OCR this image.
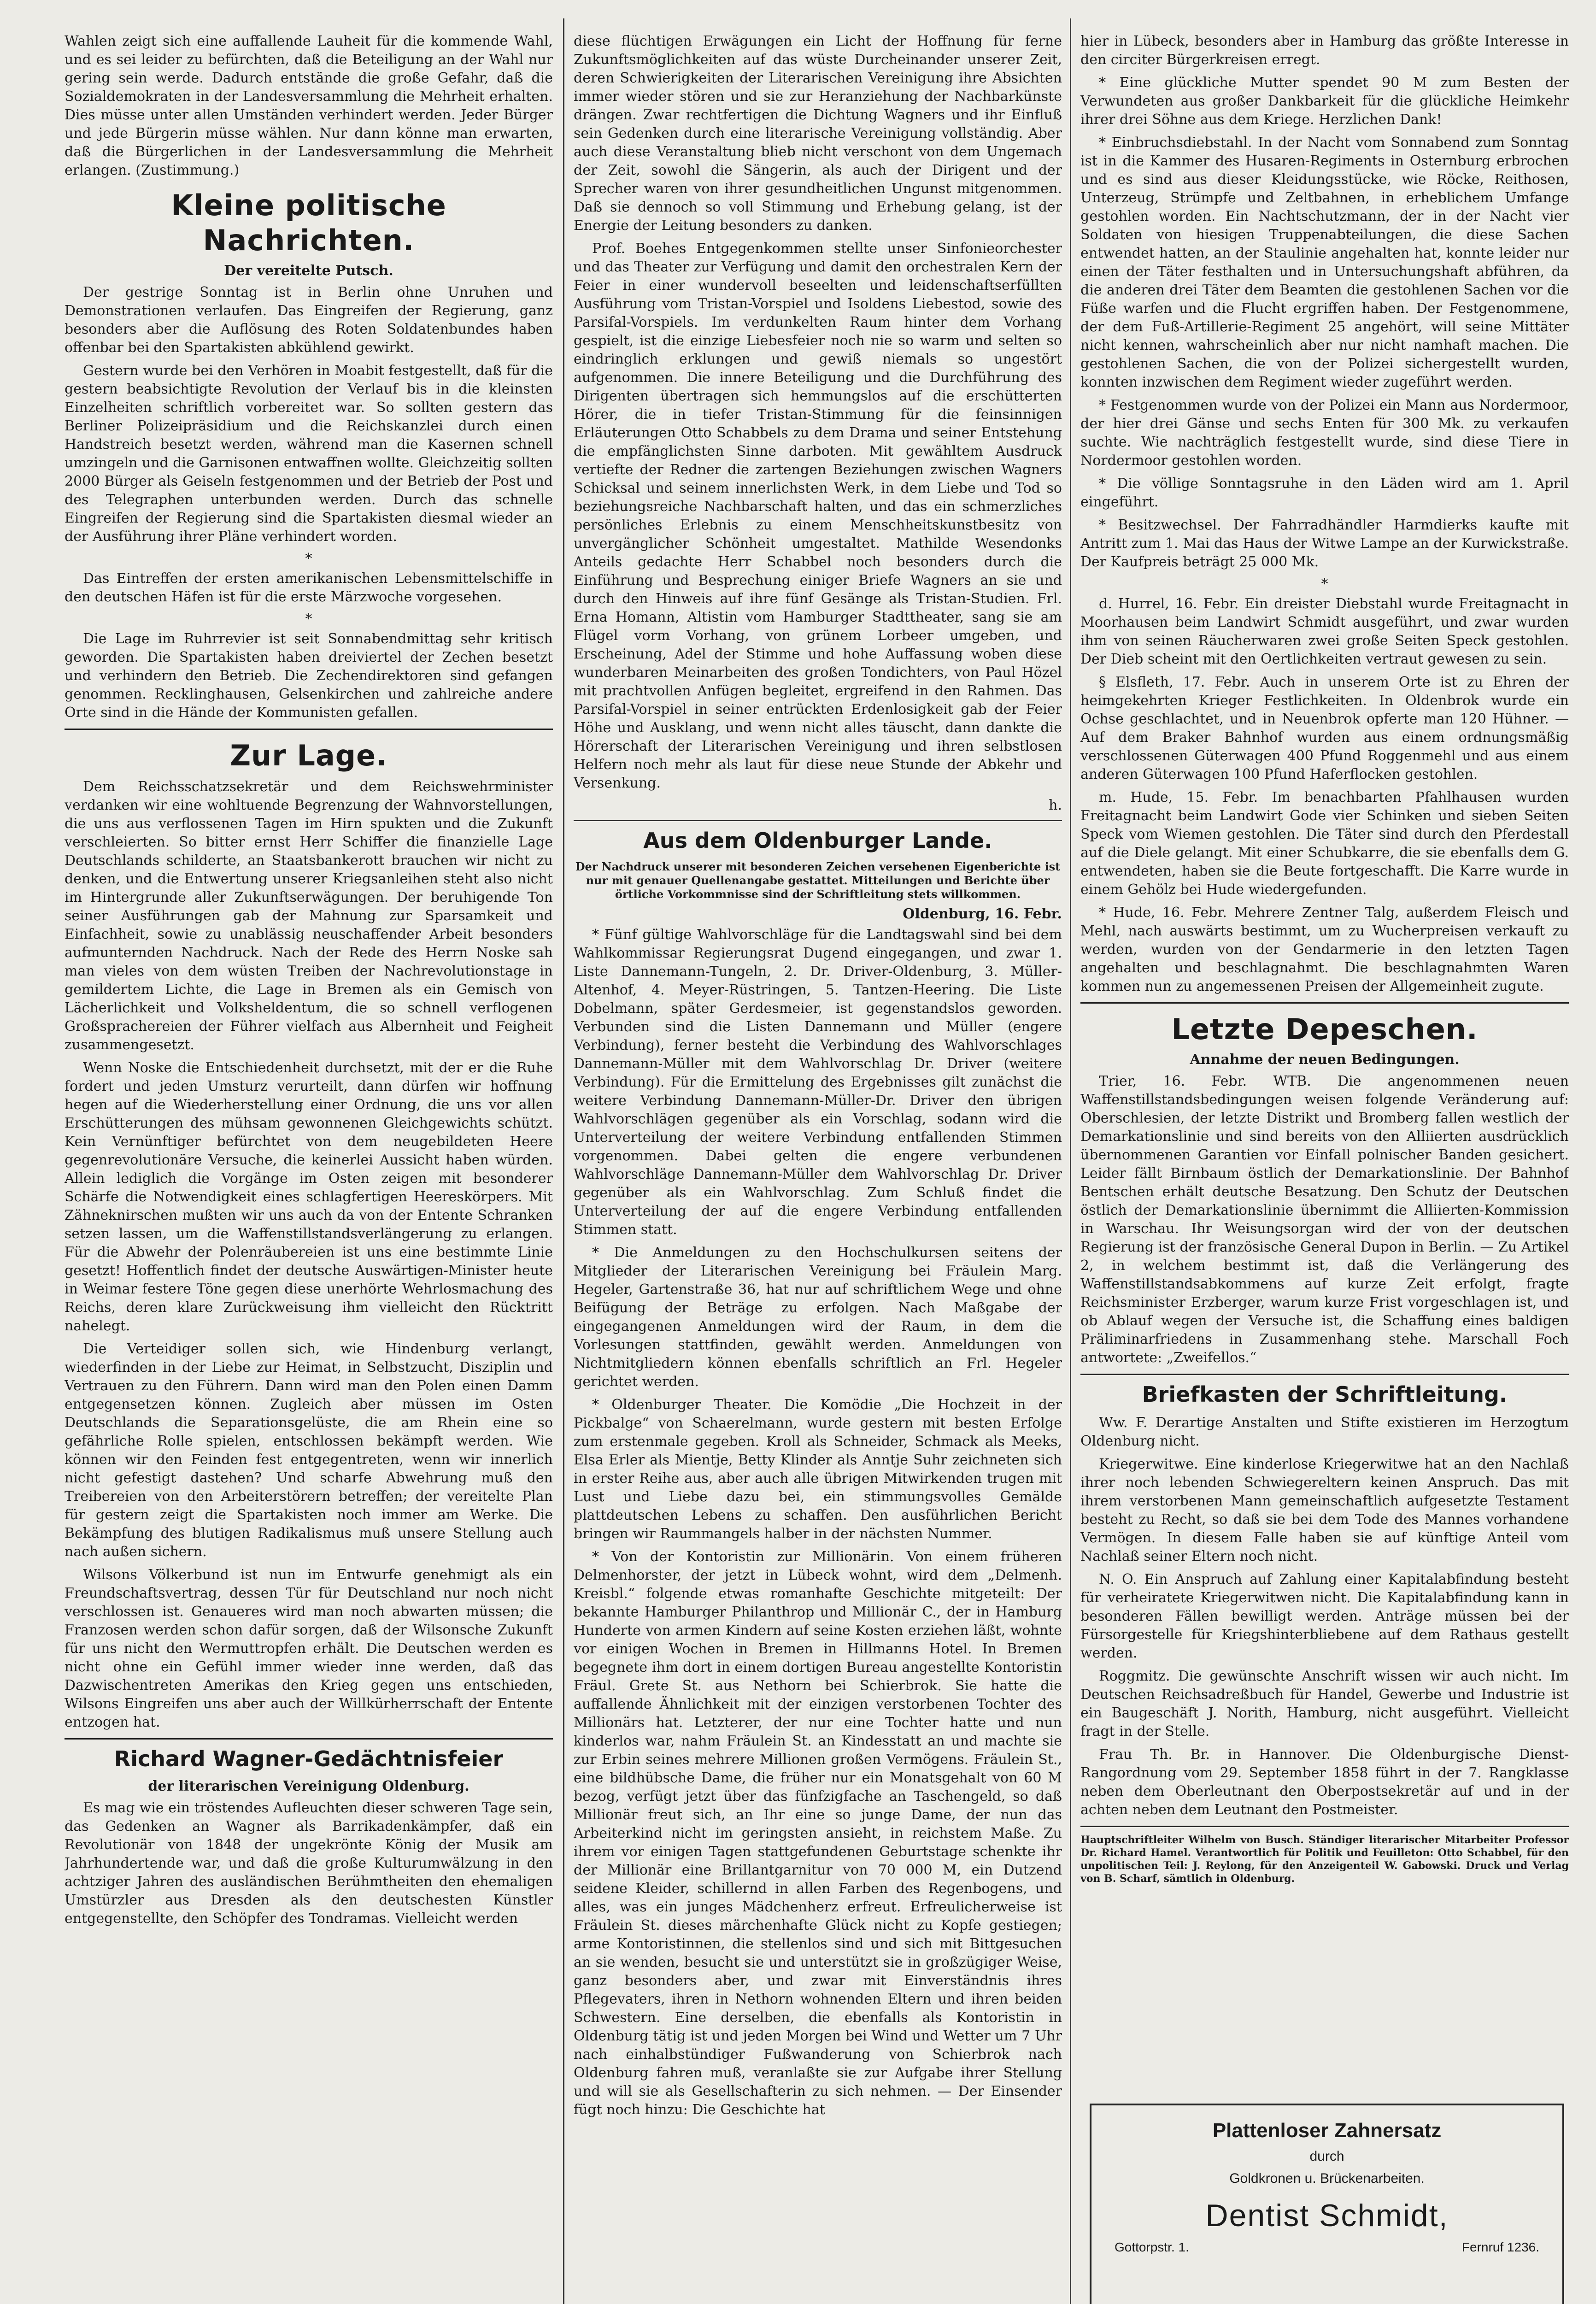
Wahlen zeigt sich eine auffallende Lauheit für die kommende Wahl, und es sei leider zu befürchten, daß die Beteiligung an der Wahl nur gering sein werde. Dadurch entstände die große Gefahr, daß die Sozialdemokraten in der Landesversammlung die Mehrheit erhalten. Dies müsse unter allen Umständen verhindert werden. Jeder Bürger und jede Bürgerin müsse wählen. Nur dann könne man erwarten, daß die Bürgerlichen in der Landesversammlung die Mehrheit erlangen. (Zustimmung.)

Kleine politische Nachrichten.
Der vereitelte Putsch.

Der gestrige Sonntag ist in Berlin ohne Unruhen und Demonstrationen verlaufen. Das Eingreifen der Regierung, ganz besonders aber die Auflösung des Roten Soldatenbundes haben offenbar bei den Spartakisten abkühlend gewirkt.

Gestern wurde bei den Verhören in Moabit festgestellt, daß für die gestern beabsichtigte Revolution der Verlauf bis in die kleinsten Einzelheiten schriftlich vorbereitet war. So sollten gestern das Berliner Polizeipräsidium und die Reichskanzlei durch einen Handstreich besetzt werden, während man die Kasernen schnell umzingeln und die Garnisonen entwaffnen wollte. Gleichzeitig sollten 2000 Bürger als Geiseln festgenommen und der Betrieb der Post und des Telegraphen unterbunden werden. Durch das schnelle Eingreifen der Regierung sind die Spartakisten diesmal wieder an der Ausführung ihrer Pläne verhindert worden.

*

Das Eintreffen der ersten amerikanischen Lebensmittelschiffe in den deutschen Häfen ist für die erste Märzwoche vorgesehen.

*

Die Lage im Ruhrrevier ist seit Sonnabendmittag sehr kritisch geworden. Die Spartakisten haben dreiviertel der Zechen besetzt und verhindern den Betrieb. Die Zechendirektoren sind gefangen genommen. Recklinghausen, Gelsenkirchen und zahlreiche andere Orte sind in die Hände der Kommunisten gefallen.

Zur Lage.

Dem Reichsschatzsekretär und dem Reichswehrminister verdanken wir eine wohltuende Begrenzung der Wahnvorstellungen, die uns aus verflossenen Tagen im Hirn spukten und die Zukunft verschleierten. So bitter ernst Herr Schiffer die finanzielle Lage Deutschlands schilderte, an Staatsbankerott brauchen wir nicht zu denken, und die Entwertung unserer Kriegsanleihen steht also nicht im Hintergrunde aller Zukunftserwägungen. Der beruhigende Ton seiner Ausführungen gab der Mahnung zur Sparsamkeit und Einfachheit, sowie zu unablässig neuschaffender Arbeit besonders aufmunternden Nachdruck. Nach der Rede des Herrn Noske sah man vieles von dem wüsten Treiben der Nachrevolutionstage in gemildertem Lichte, die Lage in Bremen als ein Gemisch von Lächerlichkeit und Volksheldentum, die so schnell verflogenen Großsprachereien der Führer vielfach aus Albernheit und Feigheit zusammengesetzt.

Wenn Noske die Entschiedenheit durchsetzt, mit der er die Ruhe fordert und jeden Umsturz verurteilt, dann dürfen wir hoffnung hegen auf die Wiederherstellung einer Ordnung, die uns vor allen Erschütterungen des mühsam gewonnenen Gleichgewichts schützt. Kein Vernünftiger befürchtet von dem neugebildeten Heere gegenrevolutionäre Versuche, die keinerlei Aussicht haben würden. Allein lediglich die Vorgänge im Osten zeigen mit besonderer Schärfe die Notwendigkeit eines schlagfertigen Heereskörpers. Mit Zähneknirschen mußten wir uns auch da von der Entente Schranken setzen lassen, um die Waffenstillstandsverlängerung zu erlangen. Für die Abwehr der Polenräubereien ist uns eine bestimmte Linie gesetzt! Hoffentlich findet der deutsche Auswärtigen-Minister heute in Weimar festere Töne gegen diese unerhörte Wehrlosmachung des Reichs, deren klare Zurückweisung ihm vielleicht den Rücktritt nahelegt.

Die Verteidiger sollen sich, wie Hindenburg verlangt, wiederfinden in der Liebe zur Heimat, in Selbstzucht, Disziplin und Vertrauen zu den Führern. Dann wird man den Polen einen Damm entgegensetzen können. Zugleich aber müssen im Osten Deutschlands die Separationsgelüste, die am Rhein eine so gefährliche Rolle spielen, entschlossen bekämpft werden. Wie können wir den Feinden fest entgegentreten, wenn wir innerlich nicht gefestigt dastehen? Und scharfe Abwehrung muß den Treibereien von den Arbeiterstörern betreffen; der vereitelte Plan für gestern zeigt die Spartakisten noch immer am Werke. Die Bekämpfung des blutigen Radikalismus muß unsere Stellung auch nach außen sichern.

Wilsons Völkerbund ist nun im Entwurfe genehmigt als ein Freundschaftsvertrag, dessen Tür für Deutschland nur noch nicht verschlossen ist. Genaueres wird man noch abwarten müssen; die Franzosen werden schon dafür sorgen, daß der Wilsonsche Zukunft für uns nicht den Wermuttropfen erhält. Die Deutschen werden es nicht ohne ein Gefühl immer wieder inne werden, daß das Dazwischentreten Amerikas den Krieg gegen uns entschieden, Wilsons Eingreifen uns aber auch der Willkürherrschaft der Entente entzogen hat.

Richard Wagner-Gedächtnisfeier
der literarischen Vereinigung Oldenburg.

Es mag wie ein tröstendes Aufleuchten dieser schweren Tage sein, das Gedenken an Wagner als Barrikadenkämpfer, daß ein Revolutionär von 1848 der ungekrönte König der Musik am Jahrhundertende war, und daß die große Kulturumwälzung in den achtziger Jahren des ausländischen Berühmtheiten den ehemaligen Umstürzler aus Dresden als den deutschesten Künstler entgegenstellte, den Schöpfer des Tondramas. Vielleicht werden

diese flüchtigen Erwägungen ein Licht der Hoffnung für ferne Zukunftsmöglichkeiten auf das wüste Durcheinander unserer Zeit, deren Schwierigkeiten der Literarischen Vereinigung ihre Absichten immer wieder stören und sie zur Heranziehung der Nachbarkünste drängen. Zwar rechtfertigen die Dichtung Wagners und ihr Einfluß sein Gedenken durch eine literarische Vereinigung vollständig. Aber auch diese Veranstaltung blieb nicht verschont von dem Ungemach der Zeit, sowohl die Sängerin, als auch der Dirigent und der Sprecher waren von ihrer gesundheitlichen Ungunst mitgenommen. Daß sie dennoch so voll Stimmung und Erhebung gelang, ist der Energie der Leitung besonders zu danken.

Prof. Boehes Entgegenkommen stellte unser Sinfonieorchester und das Theater zur Verfügung und damit den orchestralen Kern der Feier in einer wundervoll beseelten und leidenschaftserfüllten Ausführung vom Tristan-Vorspiel und Isoldens Liebestod, sowie des Parsifal-Vorspiels. Im verdunkelten Raum hinter dem Vorhang gespielt, ist die einzige Liebesfeier noch nie so warm und selten so eindringlich erklungen und gewiß niemals so ungestört aufgenommen. Die innere Beteiligung und die Durchführung des Dirigenten übertragen sich hemmungslos auf die erschütterten Hörer, die in tiefer Tristan-Stimmung für die feinsinnigen Erläuterungen Otto Schabbels zu dem Drama und seiner Entstehung die empfänglichsten Sinne darboten. Mit gewähltem Ausdruck vertiefte der Redner die zartengen Beziehungen zwischen Wagners Schicksal und seinem innerlichsten Werk, in dem Liebe und Tod so beziehungsreiche Nachbarschaft halten, und das ein schmerzliches persönliches Erlebnis zu einem Menschheitskunstbesitz von unvergänglicher Schönheit umgestaltet. Mathilde Wesendonks Anteils gedachte Herr Schabbel noch besonders durch die Einführung und Besprechung einiger Briefe Wagners an sie und durch den Hinweis auf ihre fünf Gesänge als Tristan-Studien. Frl. Erna Homann, Altistin vom Hamburger Stadttheater, sang sie am Flügel vorm Vorhang, von grünem Lorbeer umgeben, und Erscheinung, Adel der Stimme und hohe Auffassung woben diese wunderbaren Meinarbeiten des großen Tondichters, von Paul Hözel mit prachtvollen Anfügen begleitet, ergreifend in den Rahmen. Das Parsifal-Vorspiel in seiner entrückten Erdenlosigkeit gab der Feier Höhe und Ausklang, und wenn nicht alles täuscht, dann dankte die Hörerschaft der Literarischen Vereinigung und ihren selbstlosen Helfern noch mehr als laut für diese neue Stunde der Abkehr und Versenkung.

h.
Aus dem Oldenburger Lande.
Der Nachdruck unserer mit besonderen Zeichen versehenen Eigenberichte ist nur mit genauer Quellenangabe gestattet. Mitteilungen und Berichte über örtliche Vorkommnisse sind der Schriftleitung stets willkommen.
Oldenburg, 16. Febr.

* Fünf gültige Wahlvorschläge für die Landtagswahl sind bei dem Wahlkommissar Regierungsrat Dugend eingegangen, und zwar 1. Liste Dannemann-Tungeln, 2. Dr. Driver-Oldenburg, 3. Müller-Altenhof, 4. Meyer-Rüstringen, 5. Tantzen-Heering. Die Liste Dobelmann, später Gerdesmeier, ist gegenstandslos geworden. Verbunden sind die Listen Dannemann und Müller (engere Verbindung), ferner besteht die Verbindung des Wahlvorschlages Dannemann-Müller mit dem Wahlvorschlag Dr. Driver (weitere Verbindung). Für die Ermittelung des Ergebnisses gilt zunächst die weitere Verbindung Dannemann-Müller-Dr. Driver den übrigen Wahlvorschlägen gegenüber als ein Vorschlag, sodann wird die Unterverteilung der weitere Verbindung entfallenden Stimmen vorgenommen. Dabei gelten die engere verbundenen Wahlvorschläge Dannemann-Müller dem Wahlvorschlag Dr. Driver gegenüber als ein Wahlvorschlag. Zum Schluß findet die Unterverteilung der auf die engere Verbindung entfallenden Stimmen statt.

* Die Anmeldungen zu den Hochschulkursen seitens der Mitglieder der Literarischen Vereinigung bei Fräulein Marg. Hegeler, Gartenstraße 36, hat nur auf schriftlichem Wege und ohne Beifügung der Beträge zu erfolgen. Nach Maßgabe der eingegangenen Anmeldungen wird der Raum, in dem die Vorlesungen stattfinden, gewählt werden. Anmeldungen von Nichtmitgliedern können ebenfalls schriftlich an Frl. Hegeler gerichtet werden.

* Oldenburger Theater. Die Komödie „Die Hochzeit in der Pickbalge“ von Schaerelmann, wurde gestern mit besten Erfolge zum erstenmale gegeben. Kroll als Schneider, Schmack als Meeks, Elsa Erler als Mientje, Betty Klinder als Anntje Suhr zeichneten sich in erster Reihe aus, aber auch alle übrigen Mitwirkenden trugen mit Lust und Liebe dazu bei, ein stimmungsvolles Gemälde plattdeutschen Lebens zu schaffen. Den ausführlichen Bericht bringen wir Raummangels halber in der nächsten Nummer.

* Von der Kontoristin zur Millionärin. Von einem früheren Delmenhorster, der jetzt in Lübeck wohnt, wird dem „Delmenh. Kreisbl.“ folgende etwas romanhafte Geschichte mitgeteilt: Der bekannte Hamburger Philanthrop und Millionär C., der in Hamburg Hunderte von armen Kindern auf seine Kosten erziehen läßt, wohnte vor einigen Wochen in Bremen in Hillmanns Hotel. In Bremen begegnete ihm dort in einem dortigen Bureau angestellte Kontoristin Fräul. Grete St. aus Nethorn bei Schierbrok. Sie hatte die auffallende Ähnlichkeit mit der einzigen verstorbenen Tochter des Millionärs hat. Letzterer, der nur eine Tochter hatte und nun kinderlos war, nahm Fräulein St. an Kindesstatt an und machte sie zur Erbin seines mehrere Millionen großen Vermögens. Fräulein St., eine bildhübsche Dame, die früher nur ein Monatsgehalt von 60 M bezog, verfügt jetzt über das fünfzigfache an Taschengeld, so daß Millionär freut sich, an Ihr eine so junge Dame, der nun das Arbeiterkind nicht im geringsten ansieht, in reichstem Maße. Zu ihrem vor einigen Tagen stattgefundenen Geburtstage schenkte ihr der Millionär eine Brillantgarnitur von 70 000 M, ein Dutzend seidene Kleider, schillernd in allen Farben des Regenbogens, und alles, was ein junges Mädchenherz erfreut. Erfreulicherweise ist Fräulein St. dieses märchenhafte Glück nicht zu Kopfe gestiegen; arme Kontoristinnen, die stellenlos sind und sich mit Bittgesuchen an sie wenden, besucht sie und unterstützt sie in großzügiger Weise, ganz besonders aber, und zwar mit Einverständnis ihres Pflegevaters, ihren in Nethorn wohnenden Eltern und ihren beiden Schwestern. Eine derselben, die ebenfalls als Kontoristin in Oldenburg tätig ist und jeden Morgen bei Wind und Wetter um 7 Uhr nach einhalbstündiger Fußwanderung von Schierbrok nach Oldenburg fahren muß, veranlaßte sie zur Aufgabe ihrer Stellung und will sie als Gesellschafterin zu sich nehmen. — Der Einsender fügt noch hinzu: Die Geschichte hat

hier in Lübeck, besonders aber in Hamburg das größte Interesse in den circiter Bürgerkreisen erregt.

* Eine glückliche Mutter spendet 90 M zum Besten der Verwundeten aus großer Dankbarkeit für die glückliche Heimkehr ihrer drei Söhne aus dem Kriege. Herzlichen Dank!

* Einbruchsdiebstahl. In der Nacht vom Sonnabend zum Sonntag ist in die Kammer des Husaren-Regiments in Osternburg erbrochen und es sind aus dieser Kleidungsstücke, wie Röcke, Reithosen, Unterzeug, Strümpfe und Zeltbahnen, in erheblichem Umfange gestohlen worden. Ein Nachtschutzmann, der in der Nacht vier Soldaten von hiesigen Truppenabteilungen, die diese Sachen entwendet hatten, an der Staulinie angehalten hat, konnte leider nur einen der Täter festhalten und in Untersuchungshaft abführen, da die anderen drei Täter dem Beamten die gestohlenen Sachen vor die Füße warfen und die Flucht ergriffen haben. Der Festgenommene, der dem Fuß-Artillerie-Regiment 25 angehört, will seine Mittäter nicht kennen, wahrscheinlich aber nur nicht namhaft machen. Die gestohlenen Sachen, die von der Polizei sichergestellt wurden, konnten inzwischen dem Regiment wieder zugeführt werden.

* Festgenommen wurde von der Polizei ein Mann aus Nordermoor, der hier drei Gänse und sechs Enten für 300 Mk. zu verkaufen suchte. Wie nachträglich festgestellt wurde, sind diese Tiere in Nordermoor gestohlen worden.

* Die völlige Sonntagsruhe in den Läden wird am 1. April eingeführt.

* Besitzwechsel. Der Fahrradhändler Harmdierks kaufte mit Antritt zum 1. Mai das Haus der Witwe Lampe an der Kurwickstraße. Der Kaufpreis beträgt 25 000 Mk.

*

d. Hurrel, 16. Febr. Ein dreister Diebstahl wurde Freitagnacht in Moorhausen beim Landwirt Schmidt ausgeführt, und zwar wurden ihm von seinen Räucherwaren zwei große Seiten Speck gestohlen. Der Dieb scheint mit den Oertlichkeiten vertraut gewesen zu sein.

§ Elsfleth, 17. Febr. Auch in unserem Orte ist zu Ehren der heimgekehrten Krieger Festlichkeiten. In Oldenbrok wurde ein Ochse geschlachtet, und in Neuenbrok opferte man 120 Hühner. — Auf dem Braker Bahnhof wurden aus einem ordnungsmäßig verschlossenen Güterwagen 400 Pfund Roggenmehl und aus einem anderen Güterwagen 100 Pfund Haferflocken gestohlen.

m. Hude, 15. Febr. Im benachbarten Pfahlhausen wurden Freitagnacht beim Landwirt Gode vier Schinken und sieben Seiten Speck vom Wiemen gestohlen. Die Täter sind durch den Pferdestall auf die Diele gelangt. Mit einer Schubkarre, die sie ebenfalls dem G. entwendeten, haben sie die Beute fortgeschafft. Die Karre wurde in einem Gehölz bei Hude wiedergefunden.

* Hude, 16. Febr. Mehrere Zentner Talg, außerdem Fleisch und Mehl, nach auswärts bestimmt, um zu Wucherpreisen verkauft zu werden, wurden von der Gendarmerie in den letzten Tagen angehalten und beschlagnahmt. Die beschlagnahmten Waren kommen nun zu angemessenen Preisen der Allgemeinheit zugute.

Letzte Depeschen.
Annahme der neuen Bedingungen.

Trier, 16. Febr. WTB. Die angenommenen neuen Waffenstillstandsbedingungen weisen folgende Veränderung auf: Oberschlesien, der letzte Distrikt und Bromberg fallen westlich der Demarkationslinie und sind bereits von den Alliierten ausdrücklich übernommenen Garantien vor Einfall polnischer Banden gesichert. Leider fällt Birnbaum östlich der Demarkationslinie. Der Bahnhof Bentschen erhält deutsche Besatzung. Den Schutz der Deutschen östlich der Demarkationslinie übernimmt die Alliierten-Kommission in Warschau. Ihr Weisungsorgan wird der von der deutschen Regierung ist der französische General Dupon in Berlin. — Zu Artikel 2, in welchem bestimmt ist, daß die Verlängerung des Waffenstillstandsabkommens auf kurze Zeit erfolgt, fragte Reichsminister Erzberger, warum kurze Frist vorgeschlagen ist, und ob Ablauf wegen der Versuche ist, die Schaffung eines baldigen Präliminarfriedens in Zusammenhang stehe. Marschall Foch antwortete: „Zweifellos.“

Briefkasten der Schriftleitung.

Ww. F. Derartige Anstalten und Stifte existieren im Herzogtum Oldenburg nicht.

Kriegerwitwe. Eine kinderlose Kriegerwitwe hat an den Nachlaß ihrer noch lebenden Schwiegereltern keinen Anspruch. Das mit ihrem verstorbenen Mann gemeinschaftlich aufgesetzte Testament besteht zu Recht, so daß sie bei dem Tode des Mannes vorhandene Vermögen. In diesem Falle haben sie auf künftige Anteil vom Nachlaß seiner Eltern noch nicht.

N. O. Ein Anspruch auf Zahlung einer Kapitalabfindung besteht für verheiratete Kriegerwitwen nicht. Die Kapitalabfindung kann in besonderen Fällen bewilligt werden. Anträge müssen bei der Fürsorgestelle für Kriegshinterbliebene auf dem Rathaus gestellt werden.

Roggmitz. Die gewünschte Anschrift wissen wir auch nicht. Im Deutschen Reichsadreßbuch für Handel, Gewerbe und Industrie ist ein Baugeschäft J. Norith, Hamburg, nicht ausgeführt. Vielleicht fragt in der Stelle.

Frau Th. Br. in Hannover. Die Oldenburgische Dienst-Rangordnung vom 29. September 1858 führt in der 7. Rangklasse neben dem Oberleutnant den Oberpostsekretär auf und in der achten neben dem Leutnant den Postmeister.

Hauptschriftleiter Wilhelm von Busch. Ständiger literarischer Mitarbeiter Professor Dr. Richard Hamel. Verantwortlich für Politik und Feuilleton: Otto Schabbel, für den unpolitischen Teil: J. Reylong, für den Anzeigenteil W. Gabowski. Druck und Verlag von B. Scharf, sämtlich in Oldenburg.
Plattenloser Zahnersatz
durch
Goldkronen u. Brückenarbeiten.
Dentist Schmidt,
Gottorpstr. 1.	Fernruf 1236.
